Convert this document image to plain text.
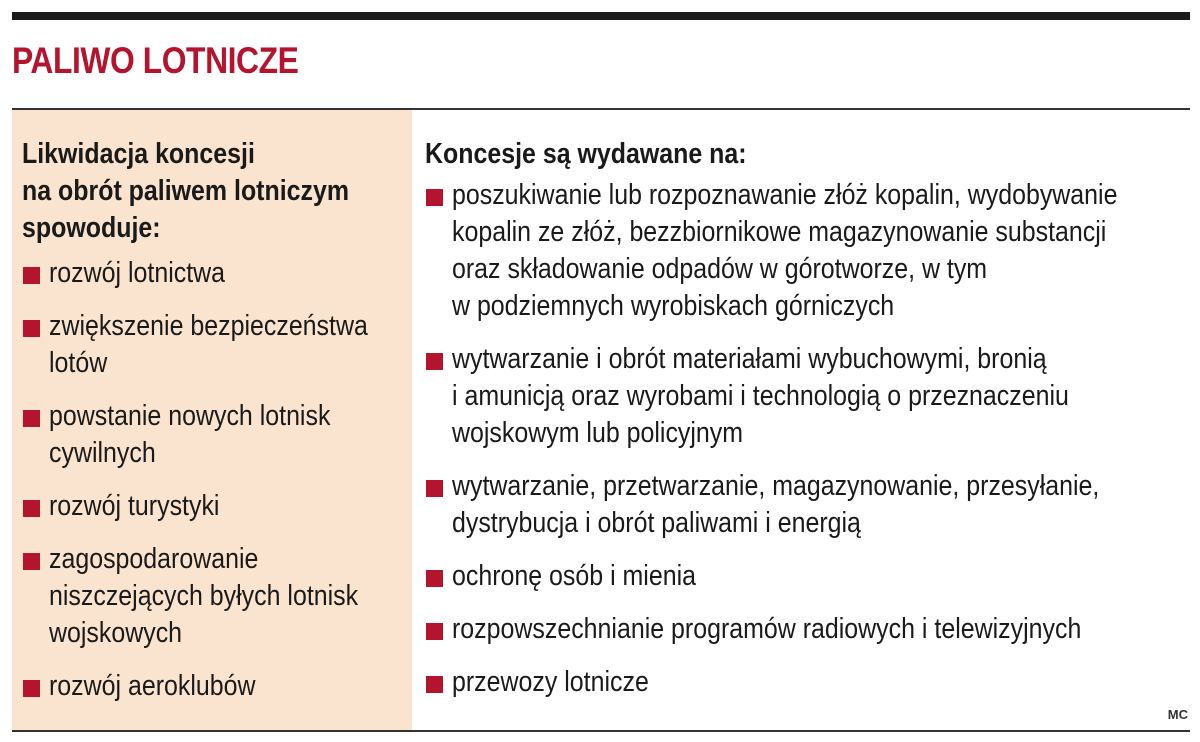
PALIWO LOTNICZE
Likwidacja koncesji
na obrót paliwem lotniczym
spowoduje:
rozwój lotnictwa
zwiększenie bezpieczeństwa
lotów
powstanie nowych lotnisk
cywilnych
rozwój turystyki
zagospodarowanie
niszczejących byłych lotnisk
wojskowych
rozwój aeroklubów
Koncesje są wydawane na:
poszukiwanie lub rozpoznawanie złóż kopalin, wydobywanie
kopalin ze złóż, bezzbiornikowe magazynowanie substancji
oraz składowanie odpadów w górotworze, w tym
w podziemnych wyrobiskach górniczych
wytwarzanie i obrót materiałami wybuchowymi, bronią
i amunicją oraz wyrobami i technologią o przeznaczeniu
wojskowym lub policyjnym
wytwarzanie, przetwarzanie, magazynowanie, przesyłanie,
dystrybucja i obrót paliwami i energią
ochronę osób i mienia
rozpowszechnianie programów radiowych i telewizyjnych
przewozy lotnicze
MC
